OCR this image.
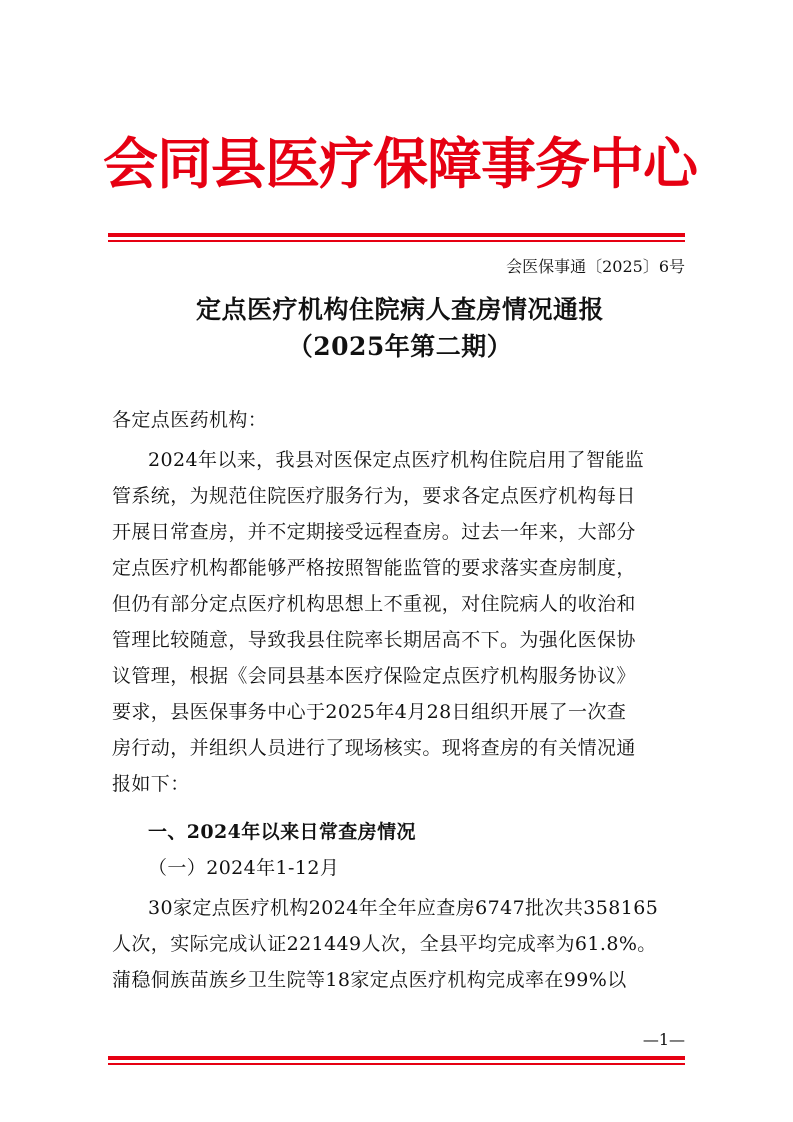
会同县医疗保障事务中心
会医保事通〔2025〕6号
定点医疗机构住院病人查房情况通报
（2025年第二期）
各定点医药机构：
2024年以来，我县对医保定点医疗机构住院启用了智能监
管系统，为规范住院医疗服务行为，要求各定点医疗机构每日
开展日常查房，并不定期接受远程查房。过去一年来，大部分
定点医疗机构都能够严格按照智能监管的要求落实查房制度，
但仍有部分定点医疗机构思想上不重视，对住院病人的收治和
管理比较随意，导致我县住院率长期居高不下。为强化医保协
议管理，根据《会同县基本医疗保险定点医疗机构服务协议》
要求，县医保事务中心于2025年4月28日组织开展了一次查
房行动，并组织人员进行了现场核实。现将查房的有关情况通
报如下：
一、2024年以来日常查房情况
（一）2024年1-12月
30家定点医疗机构2024年全年应查房6747批次共358165
人次，实际完成认证221449人次，全县平均完成率为61.8%。
蒲稳侗族苗族乡卫生院等18家定点医疗机构完成率在99%以
—1—
